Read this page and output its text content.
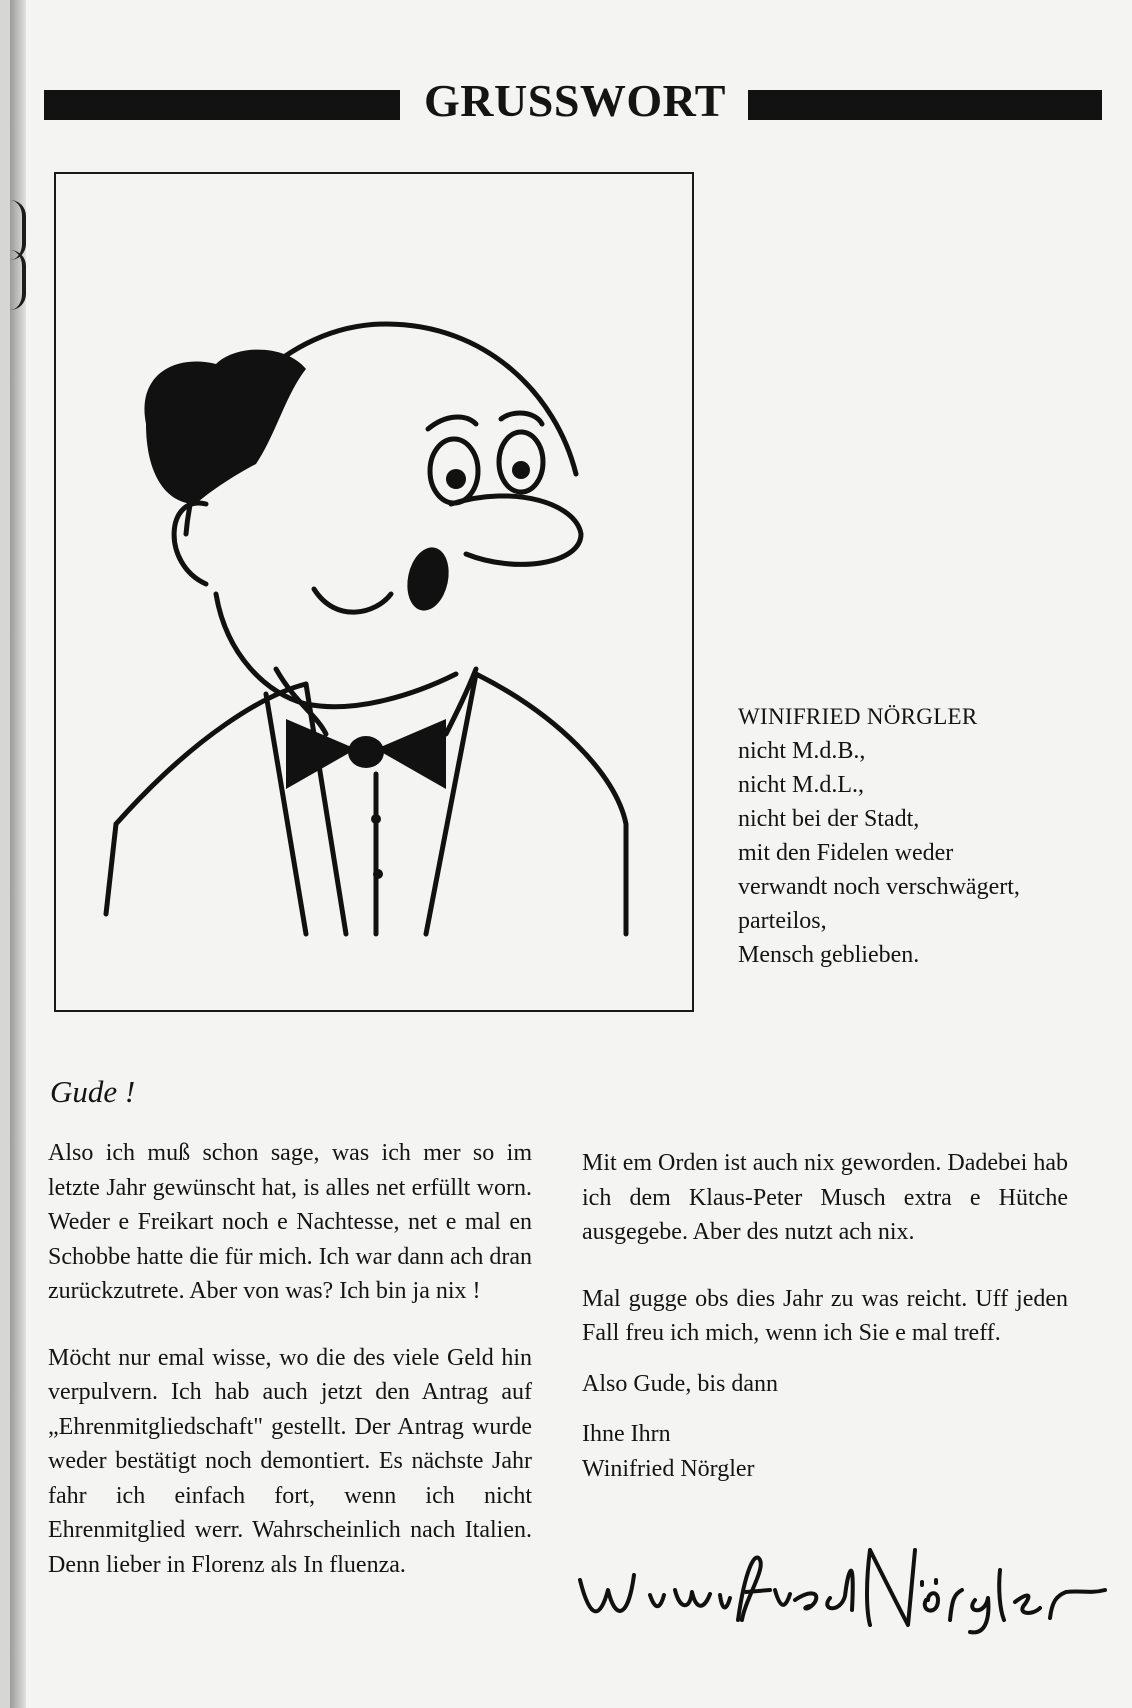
GRUSSWORT
WINIFRIED NÖRGLER
nicht M.d.B.,
nicht M.d.L.,
nicht bei der Stadt,
mit den Fidelen weder
verwandt noch verschwägert,
parteilos,
Mensch geblieben.
Gude !

Also ich muß schon sage, was ich mer so im letzte Jahr gewünscht hat, is alles net erfüllt worn. Weder e Freikart noch e Nachtesse, net e mal en Schobbe hatte die für mich. Ich war dann ach dran zurückzutrete. Aber von was? Ich bin ja nix !

Möcht nur emal wisse, wo die des viele Geld hin verpulvern. Ich hab auch jetzt den Antrag auf „Ehrenmitgliedschaft" gestellt. Der Antrag wurde weder bestätigt noch demontiert. Es nächste Jahr fahr ich einfach fort, wenn ich nicht Ehrenmitglied werr. Wahrscheinlich nach Italien. Denn lieber in Florenz als In fluenza.

Mit em Orden ist auch nix geworden. Dadebei hab ich dem Klaus-Peter Musch extra e Hütche ausgegebe. Aber des nutzt ach nix.

Mal gugge obs dies Jahr zu was reicht. Uff jeden Fall freu ich mich, wenn ich Sie e mal treff.

Also Gude, bis dann

Ihne Ihrn

Winifried Nörgler
